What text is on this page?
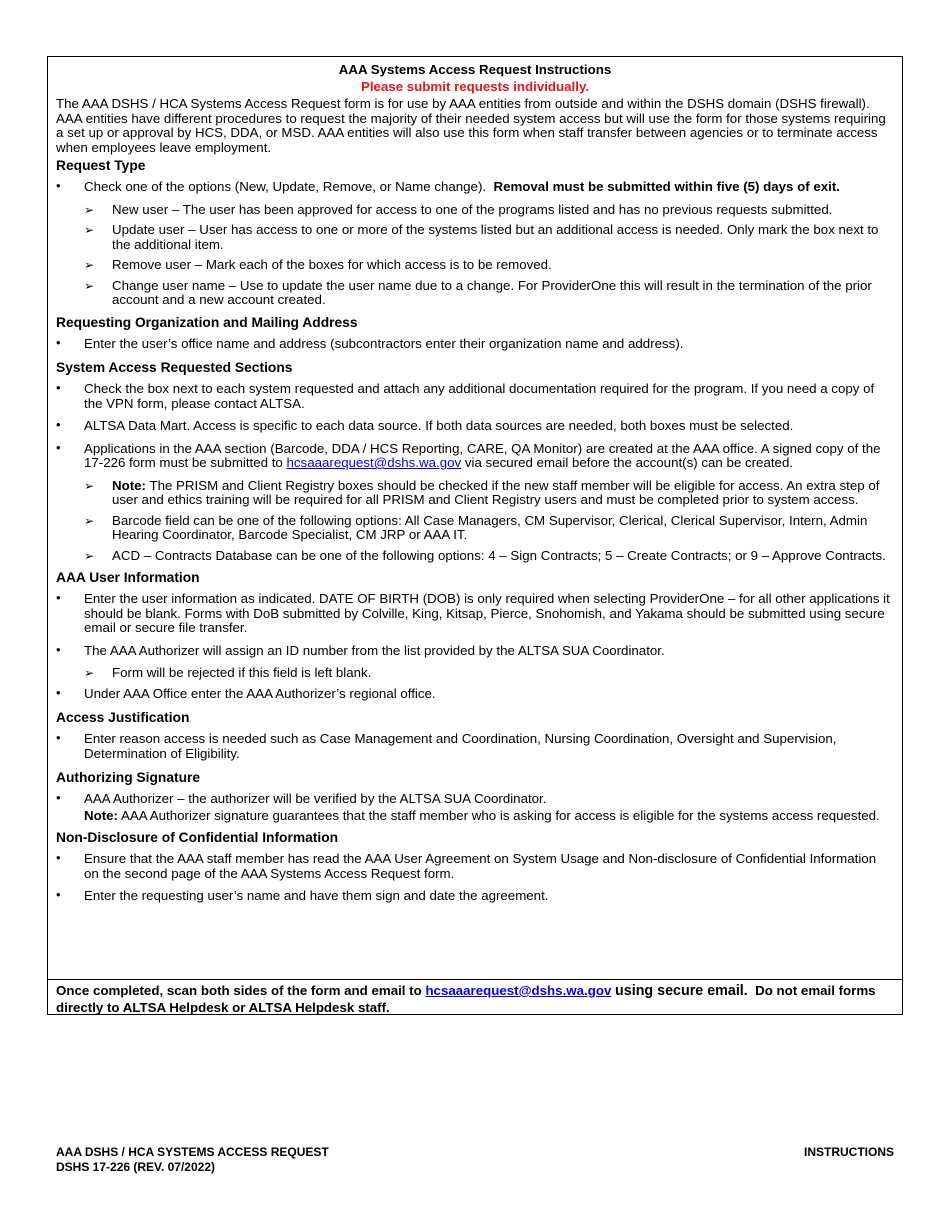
AAA Systems Access Request Instructions
Please submit requests individually.
The AAA DSHS / HCA Systems Access Request form is for use by AAA entities from outside and within the DSHS domain (DSHS firewall). AAA entities have different procedures to request the majority of their needed system access but will use the form for those systems requiring a set up or approval by HCS, DDA, or MSD. AAA entities will also use this form when staff transfer between agencies or to terminate access when employees leave employment.
Request Type
• Check one of the options (New, Update, Remove, or Name change). Removal must be submitted within five (5) days of exit.
➢ New user – The user has been approved for access to one of the programs listed and has no previous requests submitted.
➢ Update user – User has access to one or more of the systems listed but an additional access is needed. Only mark the box next to the additional item.
➢ Remove user – Mark each of the boxes for which access is to be removed.
➢ Change user name – Use to update the user name due to a change. For ProviderOne this will result in the termination of the prior account and a new account created.
Requesting Organization and Mailing Address
• Enter the user’s office name and address (subcontractors enter their organization name and address).
System Access Requested Sections
• Check the box next to each system requested and attach any additional documentation required for the program. If you need a copy of the VPN form, please contact ALTSA.
• ALTSA Data Mart. Access is specific to each data source. If both data sources are needed, both boxes must be selected.
• Applications in the AAA section (Barcode, DDA / HCS Reporting, CARE, QA Monitor) are created at the AAA office. A signed copy of the 17-226 form must be submitted to hcsaaarequest@dshs.wa.gov via secured email before the account(s) can be created.
➢ Note: The PRISM and Client Registry boxes should be checked if the new staff member will be eligible for access. An extra step of user and ethics training will be required for all PRISM and Client Registry users and must be completed prior to system access.
➢ Barcode field can be one of the following options: All Case Managers, CM Supervisor, Clerical, Clerical Supervisor, Intern, Admin Hearing Coordinator, Barcode Specialist, CM JRP or AAA IT.
➢ ACD – Contracts Database can be one of the following options: 4 – Sign Contracts; 5 – Create Contracts; or 9 – Approve Contracts.
AAA User Information
• Enter the user information as indicated. DATE OF BIRTH (DOB) is only required when selecting ProviderOne – for all other applications it should be blank. Forms with DoB submitted by Colville, King, Kitsap, Pierce, Snohomish, and Yakama should be submitted using secure email or secure file transfer.
• The AAA Authorizer will assign an ID number from the list provided by the ALTSA SUA Coordinator.
➢ Form will be rejected if this field is left blank.
• Under AAA Office enter the AAA Authorizer’s regional office.
Access Justification
• Enter reason access is needed such as Case Management and Coordination, Nursing Coordination, Oversight and Supervision, Determination of Eligibility.
Authorizing Signature
• AAA Authorizer – the authorizer will be verified by the ALTSA SUA Coordinator.
Note: AAA Authorizer signature guarantees that the staff member who is asking for access is eligible for the systems access requested.
Non-Disclosure of Confidential Information
• Ensure that the AAA staff member has read the AAA User Agreement on System Usage and Non-disclosure of Confidential Information on the second page of the AAA Systems Access Request form.
• Enter the requesting user’s name and have them sign and date the agreement.
Once completed, scan both sides of the form and email to hcsaaarequest@dshs.wa.gov using secure email. Do not email forms directly to ALTSA Helpdesk or ALTSA Helpdesk staff.
AAA DSHS / HCA SYSTEMS ACCESS REQUEST
DSHS 17-226 (REV. 07/2022)
INSTRUCTIONS
